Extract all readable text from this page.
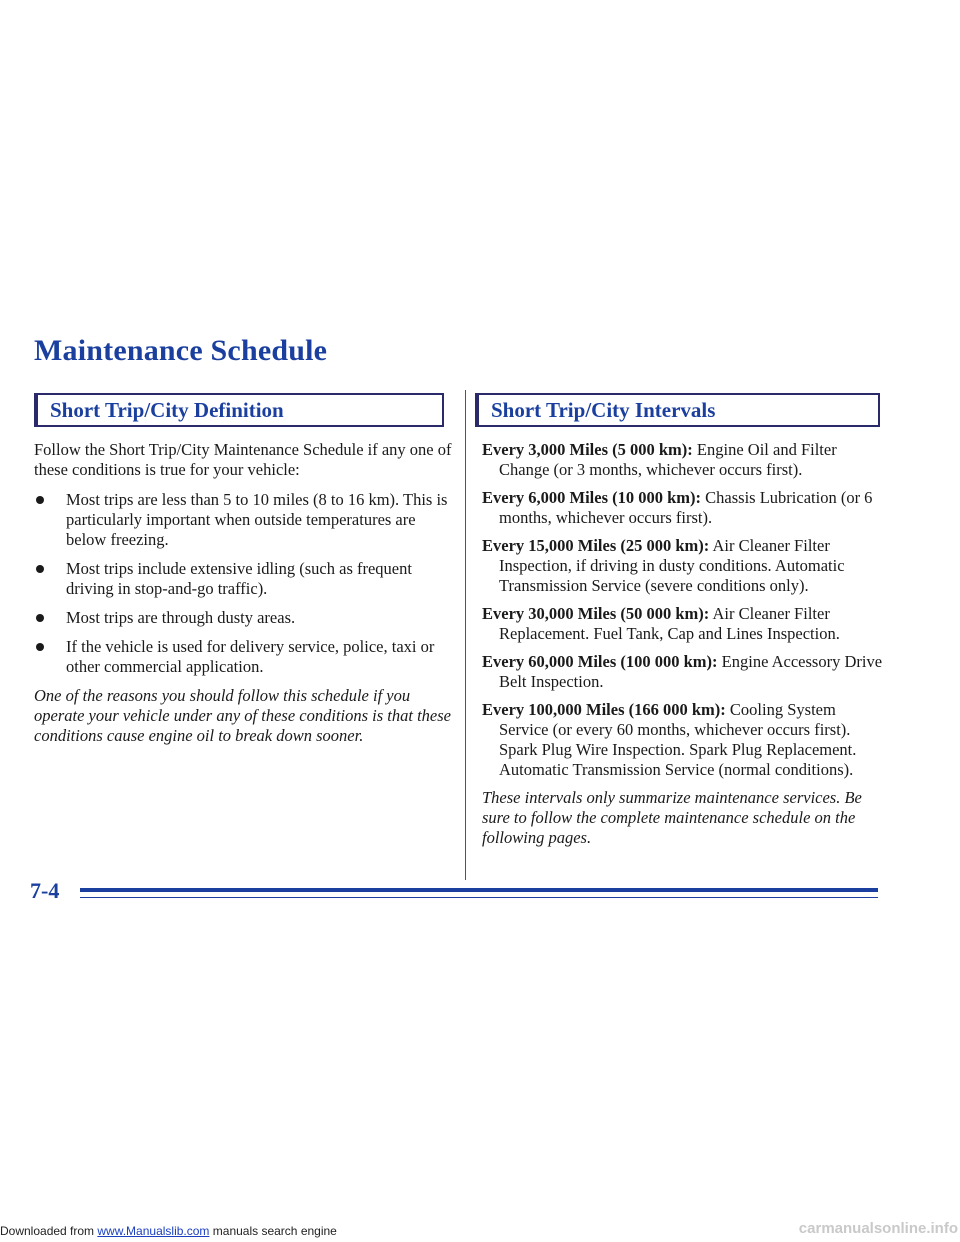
Maintenance Schedule
Short Trip/City Definition	Short Trip/City Intervals

Follow the Short Trip/City Maintenance Schedule if any one of these conditions is true for your vehicle:

Most trips are less than 5 to 10 miles (8 to 16 km). This is particularly important when outside temperatures are below freezing.
Most trips include extensive idling (such as frequent driving in stop-and-go traffic).
Most trips are through dusty areas.
If the vehicle is used for delivery service, police, taxi or other commercial application.

One of the reasons you should follow this schedule if you operate your vehicle under any of these conditions is that these conditions cause engine oil to break down sooner.

Every 3,000 Miles (5 000 km): Engine Oil and Filter Change (or 3 months, whichever occurs first).

Every 6,000 Miles (10 000 km): Chassis Lubrication (or 6 months, whichever occurs first).

Every 15,000 Miles (25 000 km): Air Cleaner Filter Inspection, if driving in dusty conditions. Automatic Transmission Service (severe conditions only).

Every 30,000 Miles (50 000 km): Air Cleaner Filter Replacement. Fuel Tank, Cap and Lines Inspection.

Every 60,000 Miles (100 000 km): Engine Accessory Drive Belt Inspection.

Every 100,000 Miles (166 000 km): Cooling System Service (or every 60 months, whichever occurs first). Spark Plug Wire Inspection. Spark Plug Replacement. Automatic Transmission Service (normal conditions).

These intervals only summarize maintenance services. Be sure to follow the complete maintenance schedule on the following pages.

7-4
Downloaded from www.Manualslib.com manuals search engine	carmanualsonline.info
